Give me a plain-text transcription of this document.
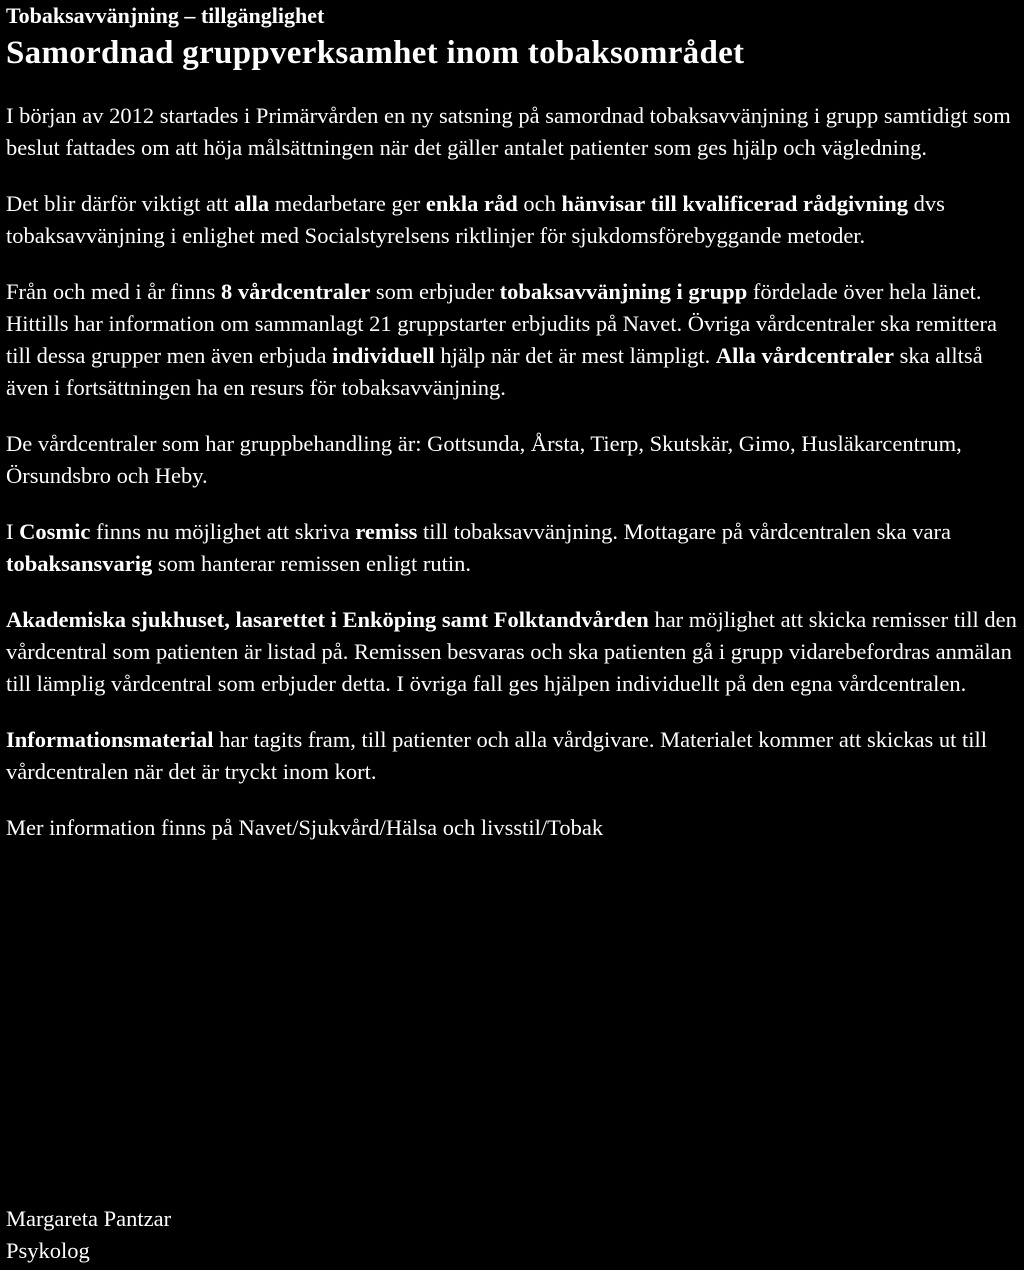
Tobaksavvänjning – tillgänglighet
Samordnad gruppverksamhet inom tobaksområdet

I början av 2012 startades i Primärvården en ny satsning på samordnad tobaksavvänjning i grupp samtidigt som beslut fattades om att höja målsättningen när det gäller antalet patienter som ges hjälp och vägledning.

Det blir därför viktigt att alla medarbetare ger enkla råd och hänvisar till kvalificerad rådgivning dvs tobaksavvänjning i enlighet med Socialstyrelsens riktlinjer för sjukdomsförebyggande metoder.

Från och med i år finns 8 vårdcentraler som erbjuder tobaksavvänjning i grupp fördelade över hela länet. Hittills har information om sammanlagt 21 gruppstarter erbjudits på Navet. Övriga vårdcentraler ska remittera till dessa grupper men även erbjuda individuell hjälp när det är mest lämpligt. Alla vårdcentraler ska alltså även i fortsättningen ha en resurs för tobaksavvänjning.

De vårdcentraler som har gruppbehandling är: Gottsunda, Årsta, Tierp, Skutskär, Gimo, Husläkarcentrum, Örsundsbro och Heby.

I Cosmic finns nu möjlighet att skriva remiss till tobaksavvänjning. Mottagare på vårdcentralen ska vara tobaksansvarig som hanterar remissen enligt rutin.

Akademiska sjukhuset, lasarettet i Enköping samt Folktandvården har möjlighet att skicka remisser till den vårdcentral som patienten är listad på. Remissen besvaras och ska patienten gå i grupp vidarebefordras anmälan till lämplig vårdcentral som erbjuder detta. I övriga fall ges hjälpen individuellt på den egna vårdcentralen.

Informationsmaterial har tagits fram, till patienter och alla vårdgivare. Materialet kommer att skickas ut till vårdcentralen när det är tryckt inom kort.

Mer information finns på Navet/Sjukvård/Hälsa och livsstil/Tobak

Margareta Pantzar
Psykolog
